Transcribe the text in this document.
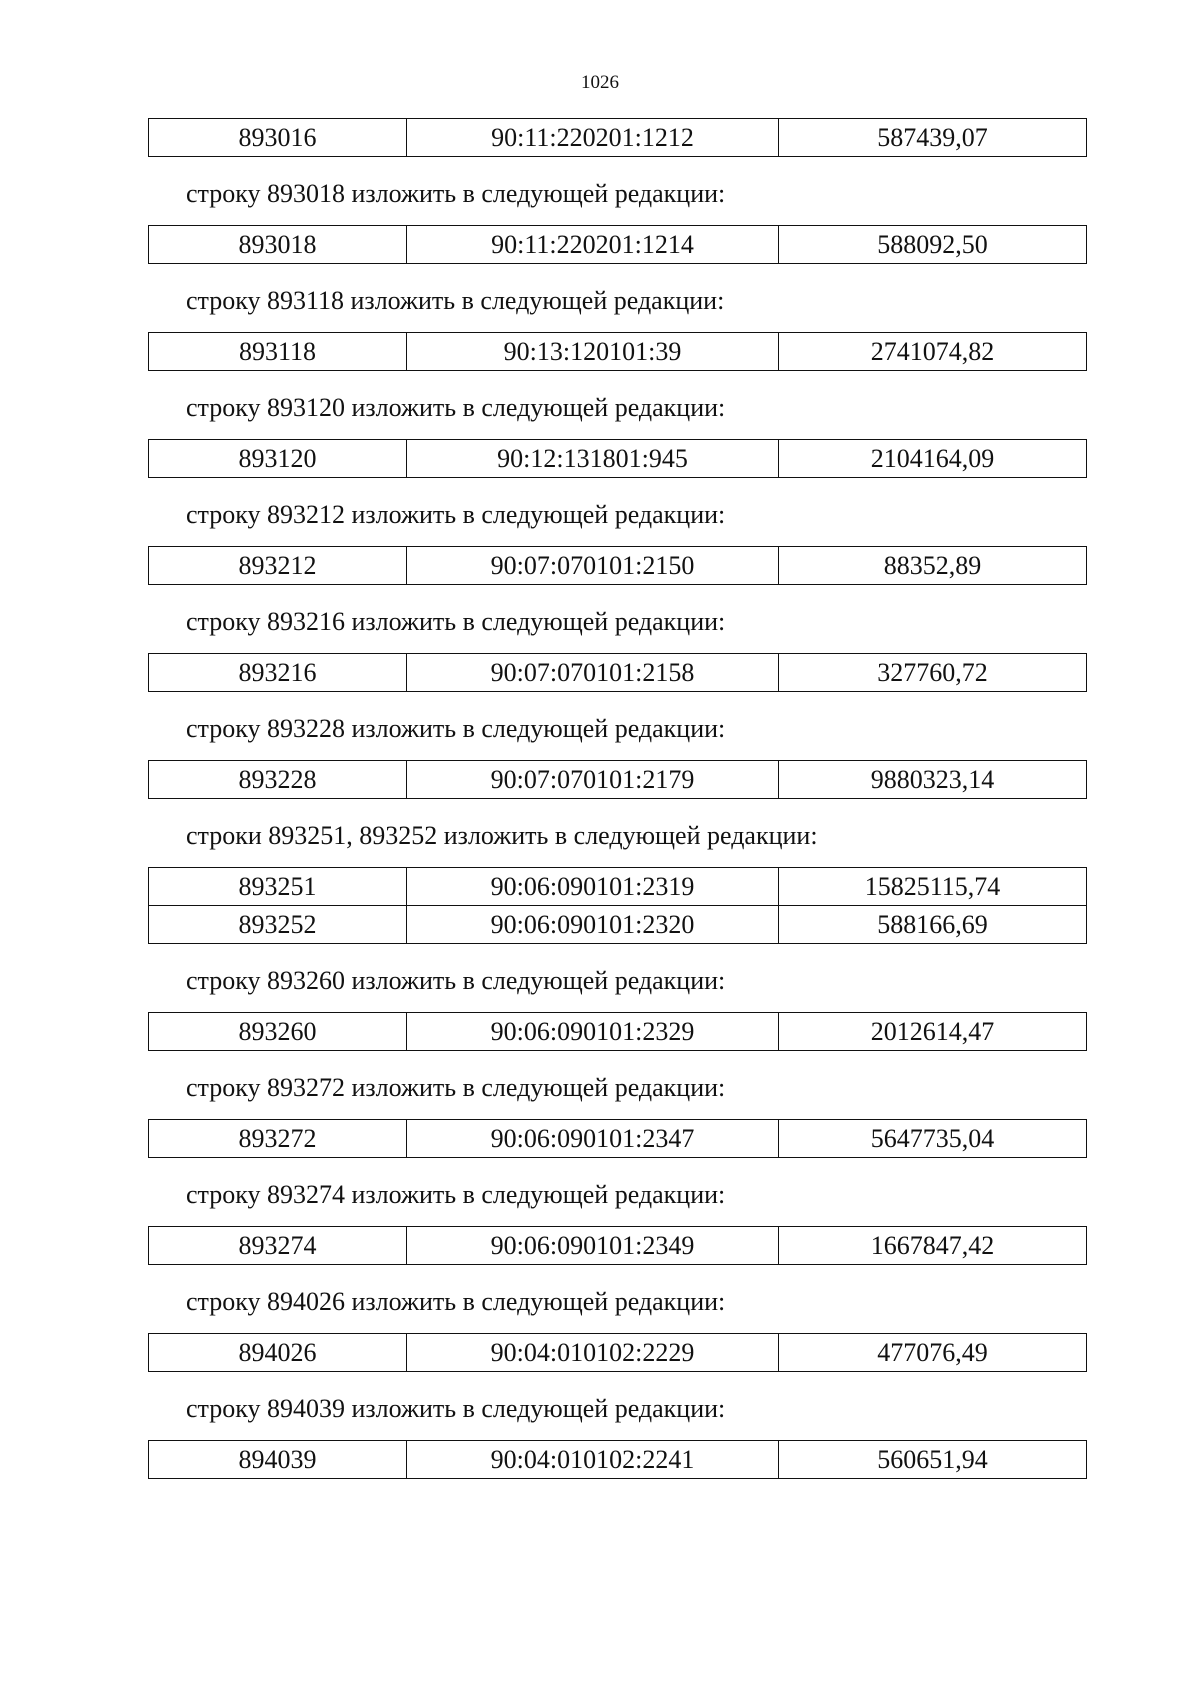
1026
893016	90:11:220201:1212	587439,07

строку 893018 изложить в следующей редакции:

893018	90:11:220201:1214	588092,50

строку 893118 изложить в следующей редакции:

893118	90:13:120101:39	2741074,82

строку 893120 изложить в следующей редакции:

893120	90:12:131801:945	2104164,09

строку 893212 изложить в следующей редакции:

893212	90:07:070101:2150	88352,89

строку 893216 изложить в следующей редакции:

893216	90:07:070101:2158	327760,72

строку 893228 изложить в следующей редакции:

893228	90:07:070101:2179	9880323,14

строки 893251, 893252 изложить в следующей редакции:

893251	90:06:090101:2319	15825115,74
893252	90:06:090101:2320	588166,69

строку 893260 изложить в следующей редакции:

893260	90:06:090101:2329	2012614,47

строку 893272 изложить в следующей редакции:

893272	90:06:090101:2347	5647735,04

строку 893274 изложить в следующей редакции:

893274	90:06:090101:2349	1667847,42

строку 894026 изложить в следующей редакции:

894026	90:04:010102:2229	477076,49

строку 894039 изложить в следующей редакции:

894039	90:04:010102:2241	560651,94
